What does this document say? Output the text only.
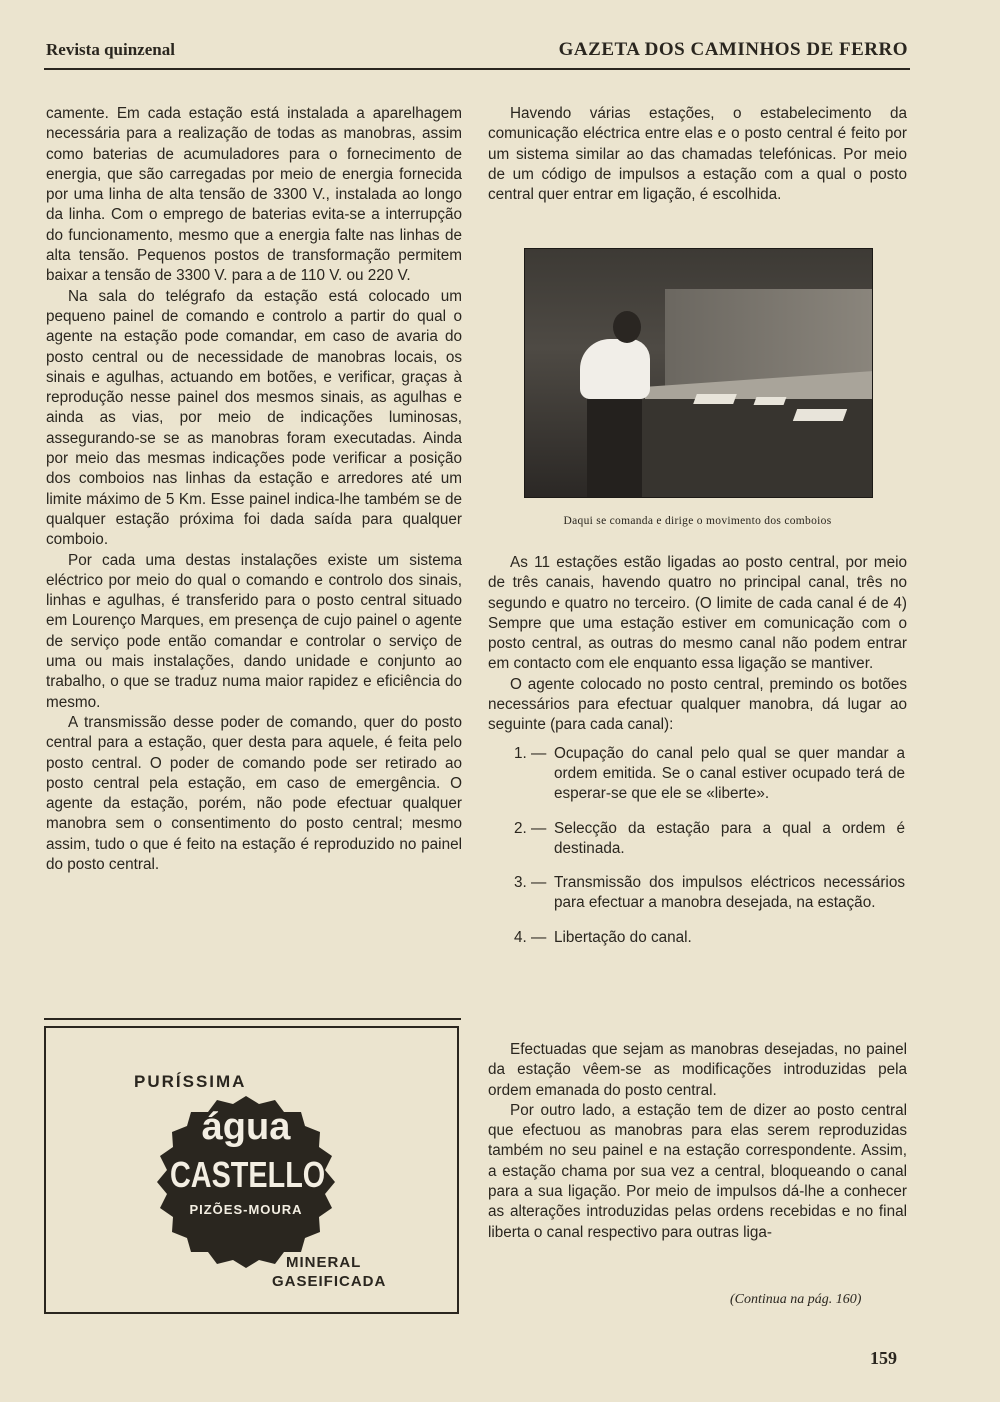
Revista quinzenal	GAZETA DOS CAMINHOS DE FERRO

camente. Em cada estação está instalada a aparelhagem necessária para a realização de todas as manobras, assim como baterias de acumuladores para o fornecimento de energia, que são carregadas por meio de energia fornecida por uma linha de alta tensão de 3300 V., instalada ao longo da linha. Com o emprego de baterias evita-se a interrupção do funcionamento, mesmo que a energia falte nas linhas de alta tensão. Pequenos postos de transformação permitem baixar a tensão de 3300 V. para a de 110 V. ou 220 V.

Na sala do telégrafo da estação está colocado um pequeno painel de comando e controlo a partir do qual o agente na estação pode comandar, em caso de avaria do posto central ou de necessidade de manobras locais, os sinais e agulhas, actuando em botões, e verificar, graças à reprodução nesse painel dos mesmos sinais, as agulhas e ainda as vias, por meio de indicações luminosas, assegurando-se se as manobras foram executadas. Ainda por meio das mesmas indicações pode verificar a posição dos comboios nas linhas da estação e arredores até um limite máximo de 5 Km. Esse painel indica-lhe também se de qualquer estação próxima foi dada saída para qualquer comboio.

Por cada uma destas instalações existe um sistema eléctrico por meio do qual o comando e controlo dos sinais, linhas e agulhas, é transferido para o posto central situado em Lourenço Marques, em presença de cujo painel o agente de serviço pode então comandar e controlar o serviço de uma ou mais instalações, dando unidade e conjunto ao trabalho, o que se traduz numa maior rapidez e eficiência do mesmo.

A transmissão desse poder de comando, quer do posto central para a estação, quer desta para aquele, é feita pelo posto central. O poder de comando pode ser retirado ao posto central pela estação, em caso de emergência. O agente da estação, porém, não pode efectuar qualquer manobra sem o consentimento do posto central; mesmo assim, tudo o que é feito na estação é reproduzido no painel do posto central.

Havendo várias estações, o estabelecimento da comunicação eléctrica entre elas e o posto central é feito por um sistema similar ao das chamadas telefónicas. Por meio de um código de impulsos a estação com a qual o posto central quer entrar em ligação, é escolhida.

Daqui se comanda e dirige o movimento dos comboios

As 11 estações estão ligadas ao posto central, por meio de três canais, havendo quatro no principal canal, três no segundo e quatro no terceiro. (O limite de cada canal é de 4) Sempre que uma estação estiver em comunicação com o posto central, as outras do mesmo canal não podem entrar em contacto com ele enquanto essa ligação se mantiver.

O agente colocado no posto central, premindo os botões necessários para efectuar qualquer manobra, dá lugar ao seguinte (para cada canal):

1. — Ocupação do canal pelo qual se quer mandar a ordem emitida. Se o canal estiver ocupado terá de esperar-se que ele se «liberte».
2. — Selecção da estação para a qual a ordem é destinada.
3. — Transmissão dos impulsos eléctricos necessários para efectuar a manobra desejada, na estação.
4. — Libertação do canal.

Efectuadas que sejam as manobras desejadas, no painel da estação vêem-se as modificações introduzidas pela ordem emanada do posto central.

Por outro lado, a estação tem de dizer ao posto central que efectuou as manobras para elas serem reproduzidas também no seu painel e na estação correspondente. Assim, a estação chama por sua vez a central, bloqueando o canal para a sua ligação. Por meio de impulsos dá-lhe a conhecer as alterações introduzidas pelas ordens recebidas e no final liberta o canal respectivo para outras liga-

PURÍSSIMA
água
CASTELLO
PIZÕES-MOURA
MINERAL
GASEIFICADA
(Continua na pág. 160)
159
